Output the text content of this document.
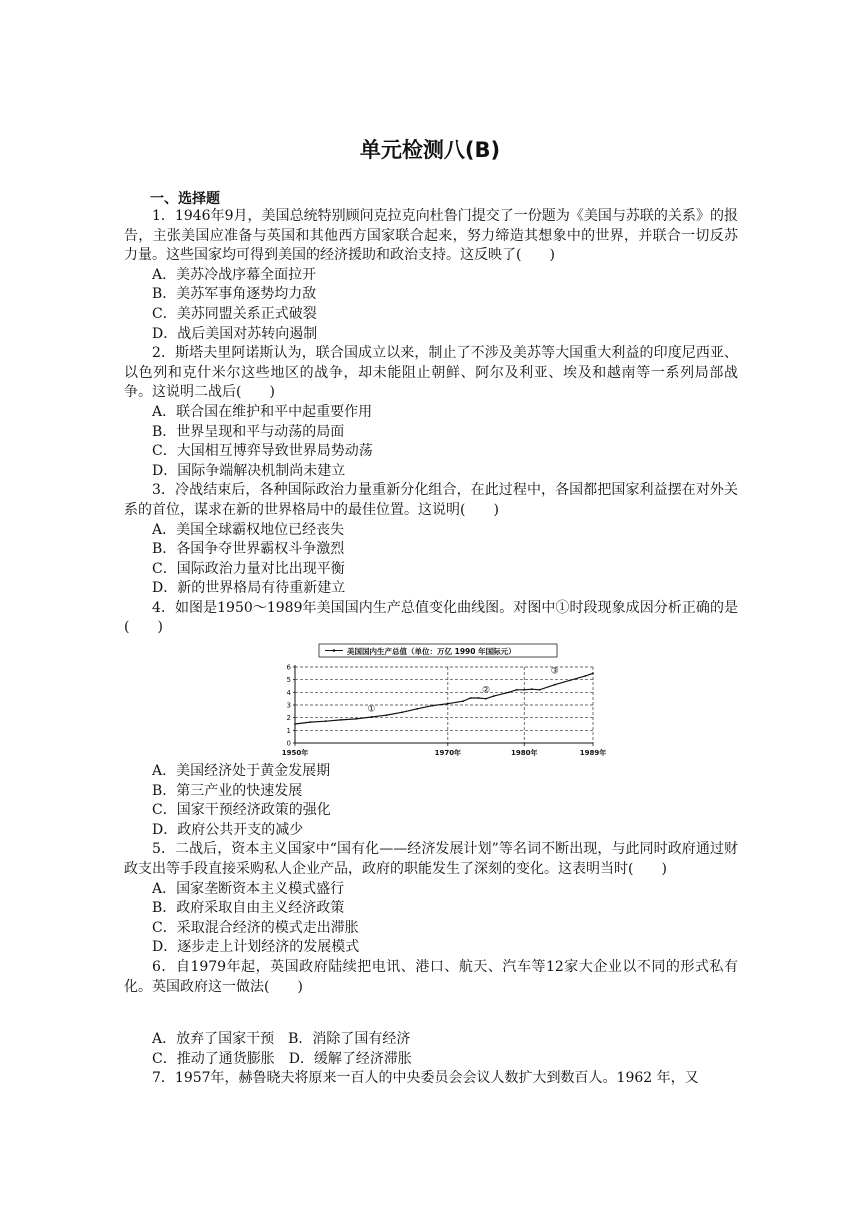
单元检测八(B)
一、选择题

1．1946年9月，美国总统特别顾问克拉克向杜鲁门提交了一份题为《美国与苏联的关系》的报告，主张美国应准备与英国和其他西方国家联合起来，努力缔造其想象中的世界，并联合一切反苏力量。这些国家均可得到美国的经济援助和政治支持。这反映了(　　)

A．美苏冷战序幕全面拉开

B．美苏军事角逐势均力敌

C．美苏同盟关系正式破裂

D．战后美国对苏转向遏制

2．斯塔夫里阿诺斯认为，联合国成立以来，制止了不涉及美苏等大国重大利益的印度尼西亚、以色列和克什米尔这些地区的战争，却未能阻止朝鲜、阿尔及利亚、埃及和越南等一系列局部战争。这说明二战后(　　)

A．联合国在维护和平中起重要作用

B．世界呈现和平与动荡的局面

C．大国相互博弈导致世界局势动荡

D．国际争端解决机制尚未建立

3．冷战结束后，各种国际政治力量重新分化组合，在此过程中，各国都把国家利益摆在对外关系的首位，谋求在新的世界格局中的最佳位置。这说明(　　)

A．美国全球霸权地位已经丧失

B．各国争夺世界霸权斗争激烈

C．国际政治力量对比出现平衡

D．新的世界格局有待重新建立

4．如图是1950～1989年美国国内生产总值变化曲线图。对图中①时段现象成因分析正确的是(　　)

0
1
2
3
4
5
6
1950年	1970年	1980年	1989年
①
②
③
美国国内生产总值（单位：万亿 1990 年国际元）

A．美国经济处于黄金发展期

B．第三产业的快速发展

C．国家干预经济政策的强化

D．政府公共开支的减少

5．二战后，资本主义国家中“国有化——经济发展计划”等名词不断出现，与此同时政府通过财政支出等手段直接采购私人企业产品，政府的职能发生了深刻的变化。这表明当时(　　)

A．国家垄断资本主义模式盛行

B．政府采取自由主义经济政策

C．采取混合经济的模式走出滞胀

D．逐步走上计划经济的发展模式

6．自1979年起，英国政府陆续把电讯、港口、航天、汽车等12家大企业以不同的形式私有化。英国政府这一做法(　　)

A．放弃了国家干预　B．消除了国有经济

C．推动了通货膨胀　D．缓解了经济滞胀

7．1957年，赫鲁晓夫将原来一百人的中央委员会会议人数扩大到数百人。1962 年，又
